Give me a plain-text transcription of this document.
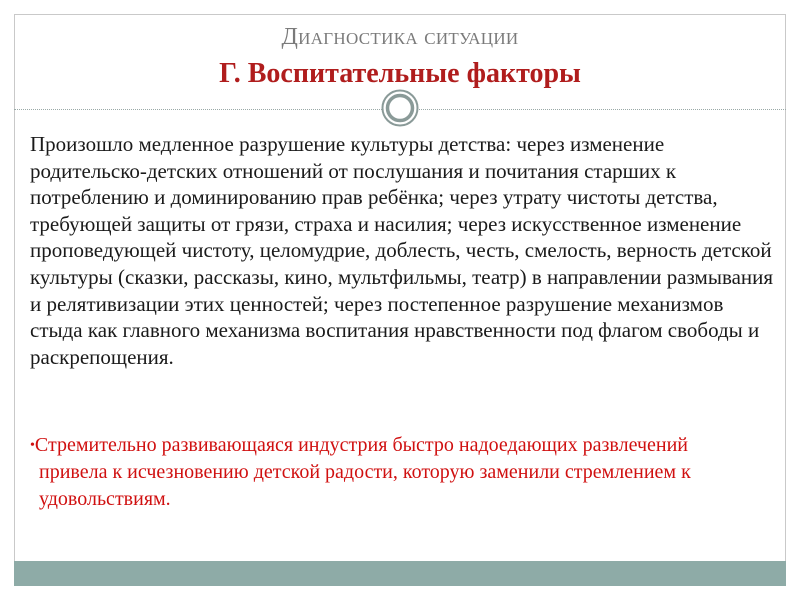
Диагностика ситуации
Г. Воспитательные факторы

Произошло медленное разрушение культуры детства: через изменение родительско-детских отношений от послушания и почитания старших к потреблению и доминированию прав ребёнка; через утрату чистоты детства, требующей защиты от грязи, страха и насилия; через искусственное изменение проповедующей чистоту, целомудрие, доблесть, честь, смелость, верность детской культуры (сказки, рассказы, кино, мультфильмы, театр) в направлении размывания и релятивизации этих ценностей; через постепенное разрушение механизмов стыда как главного механизма воспитания нравственности под флагом свободы и раскрепощения.

•Стремительно развивающаяся индустрия быстро надоедающих развлечений привела к исчезновению детской радости, которую заменили стремлением к удовольствиям.
